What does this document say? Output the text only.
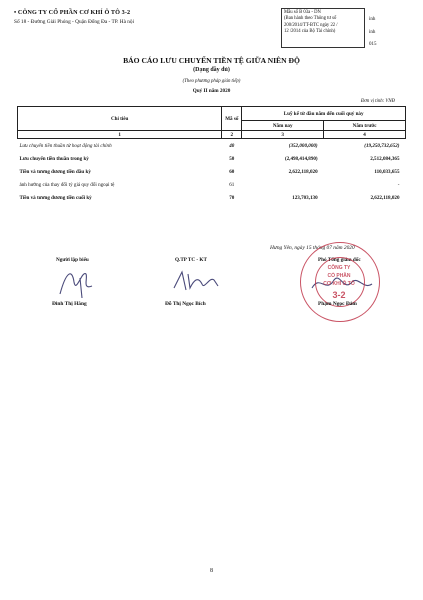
• CÔNG TY CỔ PHẦN CƠ KHÍ Ô TÔ 3-2
Số 18 - Đường Giải Phóng - Quận Đống Đa - TP. Hà nội
Mẫu số B 03a - DN
(Ban hành theo Thông tư số
200/2014/TT-BTC ngày 22 /
12 /2014 của Bộ Tài chính)
inh
inh
015
BÁO CÁO LƯU CHUYỂN TIỀN TỆ GIỮA NIÊN ĐỘ
(Dạng đầy đủ)
(Theo phương pháp gián tiếp)
Quý II năm 2020
Đơn vị tính: VNĐ
Chỉ tiêu	Mã số	Luỹ kế từ đầu năm đến cuối quý này	
		Năm nay	Năm trước
1	2	3	4
Lưu chuyển tiền thuần từ hoạt động tài chính	40	(352,000,000)	(19,250,732,652)
Lưu chuyển tiền thuần trong kỳ	50	(2,498,414,890)	2,512,084,365
Tiền và tương đương tiền đầu kỳ	60	2,622,118,020	110,033,655
ảnh hưởng của thay đổi tỷ giá quy đổi ngoại tệ	61		-
Tiền và tương đương tiền cuối kỳ	70	123,703,130	2,622,118,020
Hưng Yên, ngày 15 tháng 07 năm 2020
Người lập biểu	Q.TP TC - KT	Phó Tổng giám đốc
CÔNG TY
CỔ PHẦN
CƠ KHÍ Ô TÔ
3-2
Đinh Thị Hằng	Đỗ Thị Ngọc Bích	Phạm Ngọc Đảm
8
